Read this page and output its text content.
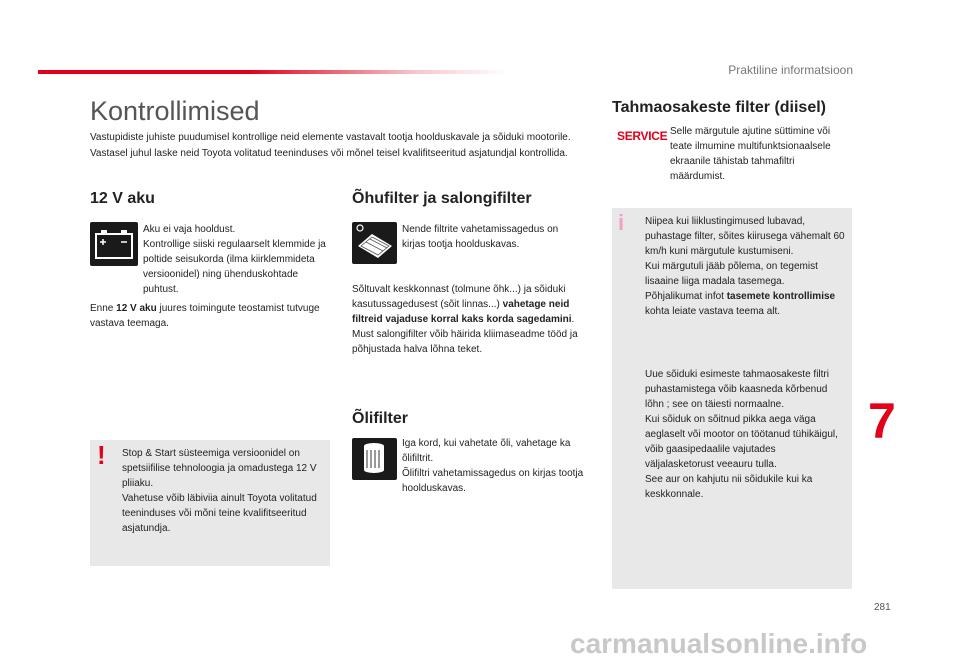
Praktiline informatsioon
Kontrollimised
Vastupidiste juhiste puudumisel kontrollige neid elemente vastavalt tootja hoolduskavale ja sõiduki mootorile. Vastasel juhul laske neid Toyota volitatud teeninduses või mõnel teisel kvalifitseeritud asjatundjal kontrollida.
12 V aku
Aku ei vaja hooldust.
Kontrollige siiski regulaarselt klemmide ja poltide seisukorda (ilma kiirklemmideta versioonidel) ning ühenduskohtade puhtust.
Enne 12 V aku juures toimingute teostamist tutvuge vastava teemaga.
! Stop & Start süsteemiga versioonidel on spetsiifilise tehnoloogia ja omadustega 12 V pliiaku.
Vahetuse võib läbiviia ainult Toyota volitatud teeninduses või mõni teine kvalifitseeritud asjatundja.
Õhufilter ja salongifilter
Nende filtrite vahetamissagedus on kirjas tootja hoolduskavas.
Sõltuvalt keskkonnast (tolmune õhk...) ja sõiduki kasutussagedusest (sõit linnas...) vahetage neid filtreid vajaduse korral kaks korda sagedamini.
Must salongifilter võib häirida kliimaseadme tööd ja põhjustada halva lõhna teket.
Õlifilter
Iga kord, kui vahetate õli, vahetage ka õlifiltrit.
Õlifiltri vahetamissagedus on kirjas tootja hoolduskavas.
Tahmaosakeste filter (diisel)
SERVICE Selle märgutule ajutine süttimine või teate ilmumine multifunktsionaalsele ekraanile tähistab tahmafiltri määrdumist.
i Niipea kui liiklustingimused lubavad, puhastage filter, sõites kiirusega vähemalt 60 km/h kuni märgutule kustumiseni.
Kui märgutuli jääb põlema, on tegemist lisaaine liiga madala tasemega.
Põhjalikumat infot tasemete kontrollimise kohta leiate vastava teema alt.
Uue sõiduki esimeste tahmaosakeste filtri puhastamistega võib kaasneda kõrbenud lõhn ; see on täiesti normaalne.
Kui sõiduk on sõitnud pikka aega väga aeglaselt või mootor on töötanud tühikäigul, võib gaasipedaalile vajutades väljalasketorust veeauru tulla.
See aur on kahjutu nii sõidukile kui ka keskkonnale.
7
281
carmanualsonline.info
